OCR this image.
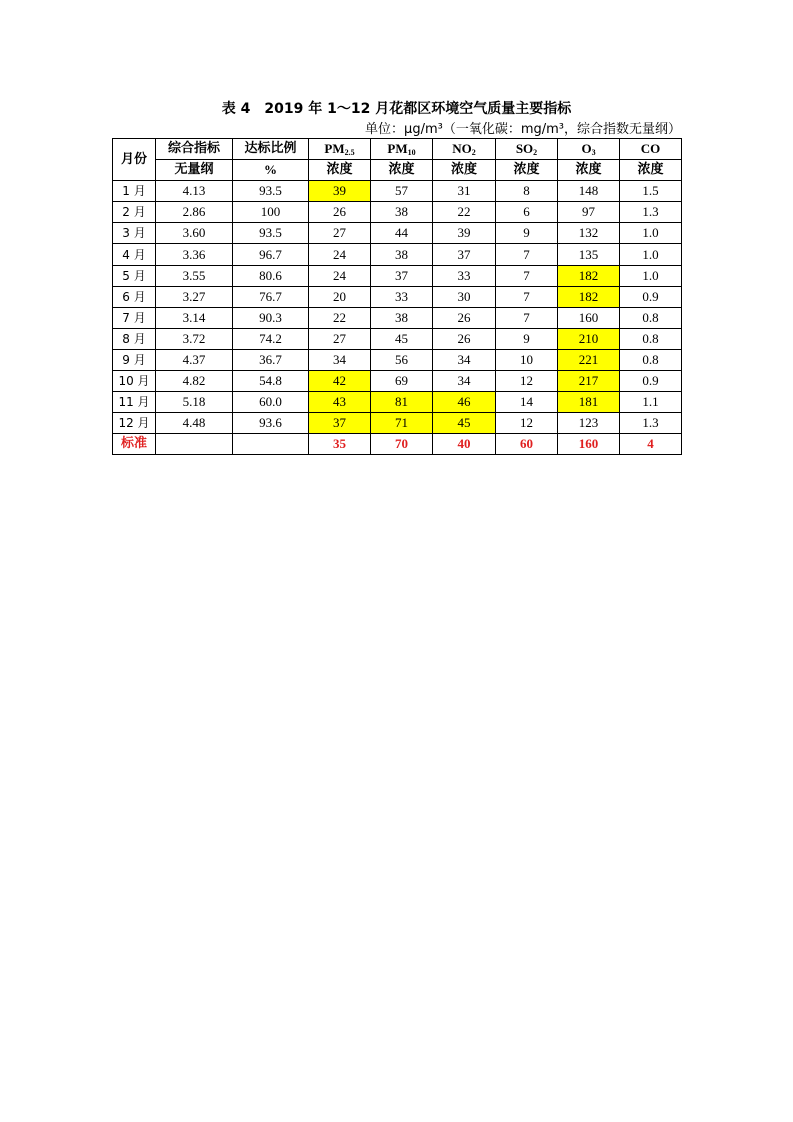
表 4　2019 年 1～12 月花都区环境空气质量主要指标
单位：μg/m³（一氧化碳：mg/m³，综合指数无量纲）
月份	综合指标	达标比例	$PM_{2.5}$	$PM_{10}$	$NO_2$	$SO_2$	$O_3$	CO
	无量纲	%	浓度	浓度	浓度	浓度	浓度	浓度
1 月	4.13	93.5	39	57	31	8	148	1.5
2 月	2.86	100	26	38	22	6	97	1.3
3 月	3.60	93.5	27	44	39	9	132	1.0
4 月	3.36	96.7	24	38	37	7	135	1.0
5 月	3.55	80.6	24	37	33	7	182	1.0
6 月	3.27	76.7	20	33	30	7	182	0.9
7 月	3.14	90.3	22	38	26	7	160	0.8
8 月	3.72	74.2	27	45	26	9	210	0.8
9 月	4.37	36.7	34	56	34	10	221	0.8
10 月	4.82	54.8	42	69	34	12	217	0.9
11 月	5.18	60.0	43	81	46	14	181	1.1
12 月	4.48	93.6	37	71	45	12	123	1.3
标准			35	70	40	60	160	4
